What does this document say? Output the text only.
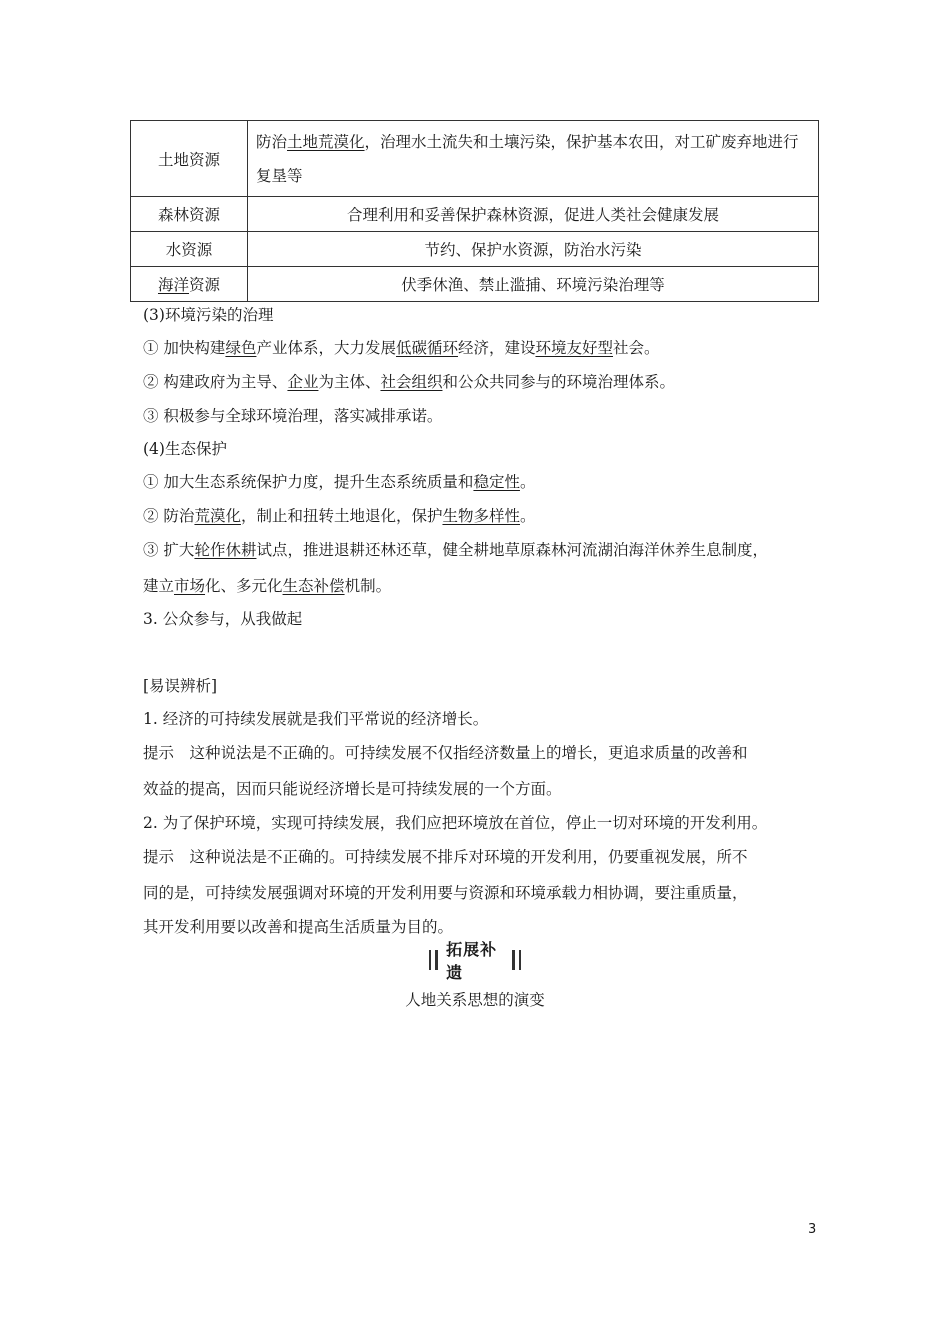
土地资源	防治土地荒漠化，治理水土流失和土壤污染，保护基本农田，对工矿废弃地进行复垦等
森林资源	合理利用和妥善保护森林资源，促进人类社会健康发展
水资源	节约、保护水资源，防治水污染
海洋资源	伏季休渔、禁止滥捕、环境污染治理等
(3)环境污染的治理
① 加快构建绿色产业体系，大力发展低碳循环经济，建设环境友好型社会。
② 构建政府为主导、企业为主体、社会组织和公众共同参与的环境治理体系。
③ 积极参与全球环境治理，落实减排承诺。
(4)生态保护
① 加大生态系统保护力度，提升生态系统质量和稳定性。
② 防治荒漠化，制止和扭转土地退化，保护生物多样性。
③ 扩大轮作休耕试点，推进退耕还林还草，健全耕地草原森林河流湖泊海洋休养生息制度，
建立市场化、多元化生态补偿机制。
3. 公众参与，从我做起
[易误辨析]
1. 经济的可持续发展就是我们平常说的经济增长。
提示　这种说法是不正确的。可持续发展不仅指经济数量上的增长，更追求质量的改善和
效益的提高，因而只能说经济增长是可持续发展的一个方面。
2. 为了保护环境，实现可持续发展，我们应把环境放在首位，停止一切对环境的开发利用。
提示　这种说法是不正确的。可持续发展不排斥对环境的开发利用，仍要重视发展，所不
同的是，可持续发展强调对环境的开发利用要与资源和环境承载力相协调，要注重质量，
其开发利用要以改善和提高生活质量为目的。
拓展补遗
人地关系思想的演变
3
